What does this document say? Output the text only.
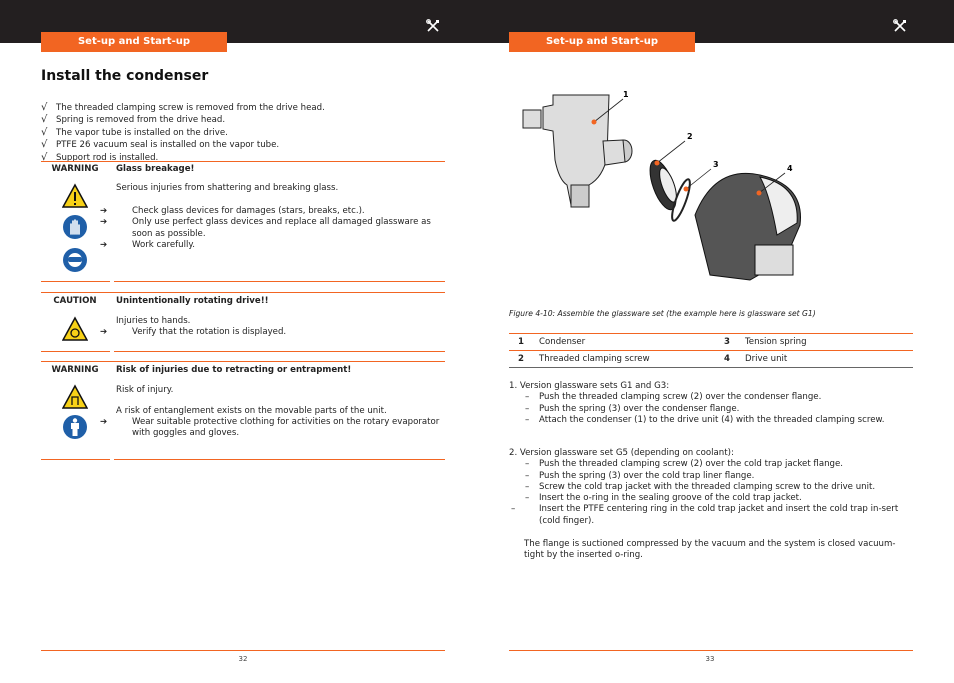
Set-up and Start-up	Set-up and Start-up
Install the condenser
√ The threaded clamping screw is removed from the drive head.
√ Spring is removed from the drive head.
√ The vapor tube is installed on the drive.
√ PTFE 26 vacuum seal is installed on the vapor tube.
√ Support rod is installed.
WARNING	Glass breakage!
Serious injuries from shattering and breaking glass.
➔	Check glass devices for damages (stars, breaks, etc.).
➔	Only use perfect glass devices and replace all damaged glassware as soon as possible.
➔	Work carefully.
CAUTION	Unintentionally rotating drive!!
Injuries to hands.
➔	Verify that the rotation is displayed.
WARNING	Risk of injuries due to retracting or entrapment!
Risk of injury.
A risk of entanglement exists on the movable parts of the unit.
➔	Wear suitable protective clothing for activities on the rotary evaporator with goggles and gloves.
32
1
2
3	4
Figure 4-10: Assemble the glassware set (the example here is glassware set G1)
1	Condenser	3	Tension spring
2	Threaded clamping screw	4	Drive unit
1. Version glassware sets G1 and G3:
– Push the threaded clamping screw (2) over the condenser flange.
– Push the spring (3) over the condenser flange.
– Attach the condenser (1) to the drive unit (4) with the threaded clamping screw.
2. Version glassware set G5 (depending on coolant):
– Push the threaded clamping screw (2) over the cold trap jacket flange.
– Push the spring (3) over the cold trap liner flange.
– Screw the cold trap jacket with the threaded clamping screw to the drive unit.
– Insert the o-ring in the sealing groove of the cold trap jacket.
–	Insert the PTFE centering ring in the cold trap jacket and insert the cold trap in-sert (cold finger).
The flange is suctioned compressed by the vacuum and the system is closed vacuum-tight by the inserted o-ring.
33
